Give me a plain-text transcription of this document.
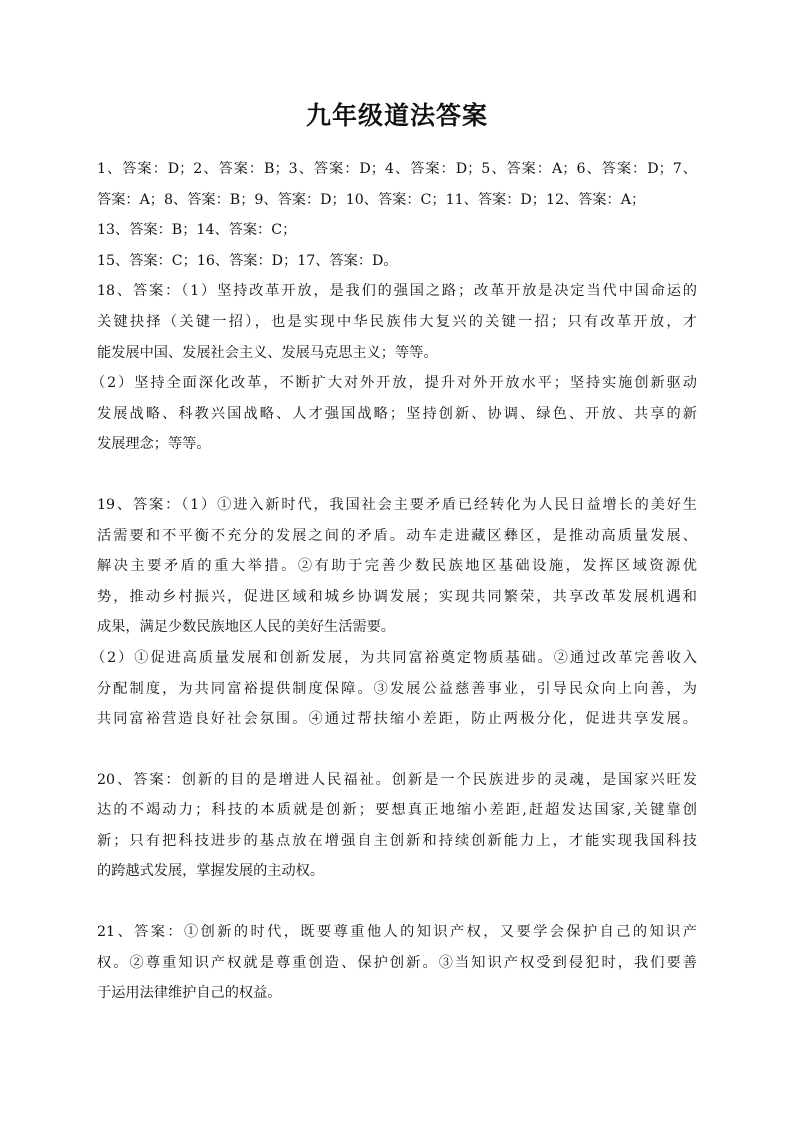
九年级道法答案
1、答案：D；2、答案：B；3、答案：D；4、答案：D；5、答案：A；6、答案：D；7、
答案：A；8、答案：B；9、答案：D；10、答案：C；11、答案：D；12、答案：A；
13、答案：B；14、答案：C；
15、答案：C；16、答案：D；17、答案：D。
18、答案：（1）坚持改革开放，是我们的强国之路；改革开放是决定当代中国命运的
关键抉择（关键一招），也是实现中华民族伟大复兴的关键一招；只有改革开放，才
能发展中国、发展社会主义、发展马克思主义；等等。
（2）坚持全面深化改革，不断扩大对外开放，提升对外开放水平；坚持实施创新驱动
发展战略、科教兴国战略、人才强国战略；坚持创新、协调、绿色、开放、共享的新
发展理念；等等。
19、答案：（1）①进入新时代，我国社会主要矛盾已经转化为人民日益增长的美好生
活需要和不平衡不充分的发展之间的矛盾。动车走进藏区彝区，是推动高质量发展、
解决主要矛盾的重大举措。②有助于完善少数民族地区基础设施，发挥区域资源优
势，推动乡村振兴，促进区域和城乡协调发展；实现共同繁荣，共享改革发展机遇和
成果，满足少数民族地区人民的美好生活需要。
（2）①促进高质量发展和创新发展，为共同富裕奠定物质基础。②通过改革完善收入
分配制度，为共同富裕提供制度保障。③发展公益慈善事业，引导民众向上向善，为
共同富裕营造良好社会氛围。④通过帮扶缩小差距，防止两极分化，促进共享发展。
20、答案：创新的目的是增进人民福祉。创新是一个民族进步的灵魂，是国家兴旺发
达的不竭动力；科技的本质就是创新；要想真正地缩小差距,赶超发达国家,关键靠创
新；只有把科技进步的基点放在增强自主创新和持续创新能力上，才能实现我国科技
的跨越式发展，掌握发展的主动权。
21、答案：①创新的时代，既要尊重他人的知识产权，又要学会保护自己的知识产
权。②尊重知识产权就是尊重创造、保护创新。③当知识产权受到侵犯时，我们要善
于运用法律维护自己的权益。
